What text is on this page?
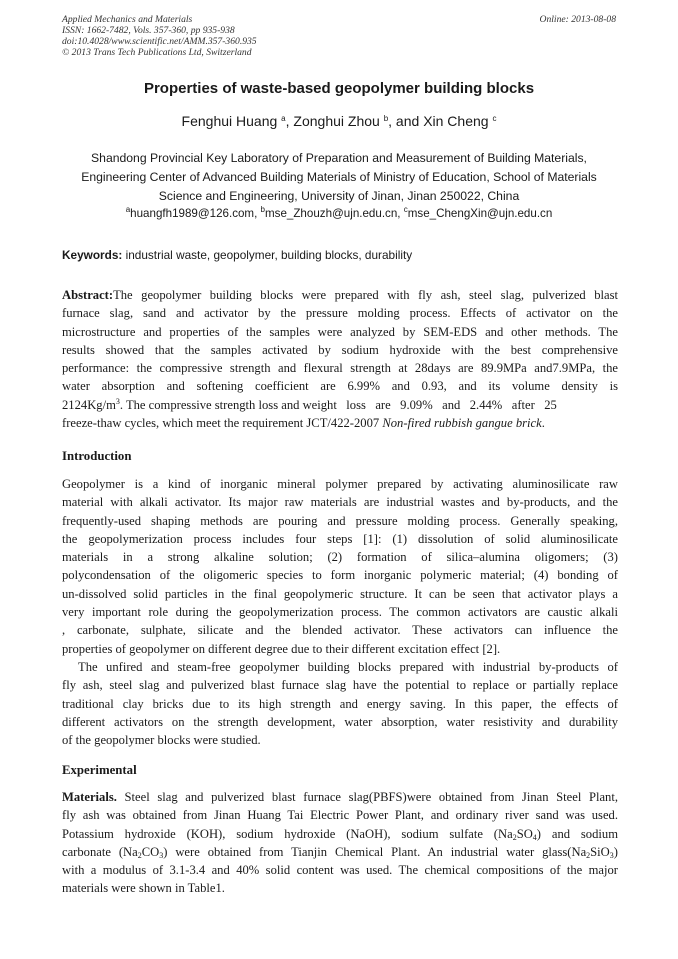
Applied Mechanics and Materials
ISSN: 1662-7482, Vols. 357-360, pp 935-938
doi:10.4028/www.scientific.net/AMM.357-360.935
© 2013 Trans Tech Publications Ltd, Switzerland
Online: 2013-08-08
Properties of waste-based geopolymer building blocks
Fenghui Huang $^a$, Zonghui Zhou $^b$, and Xin Cheng $^c$
Shandong Provincial Key Laboratory of Preparation and Measurement of Building Materials,
Engineering Center of Advanced Building Materials of Ministry of Education, School of Materials
Science and Engineering, University of Jinan, Jinan 250022, China
$^a$huangfh1989@126.com, $^b$mse_Zhouzh@ujn.edu.cn, $^c$mse_ChengXin@ujn.edu.cn
Keywords: industrial waste, geopolymer, building blocks, durability
Abstract:The geopolymer building blocks were prepared with fly ash, steel slag, pulverized blast
furnace slag, sand and activator by the pressure molding process. Effects of activator on the
microstructure and properties of the samples were analyzed by SEM-EDS and other methods. The
results showed that the samples activated by sodium hydroxide with the best comprehensive
performance: the compressive strength and flexural strength at 28days are 89.9MPa and7.9MPa, the
water absorption and softening coefficient are 6.99% and 0.93, and its volume density is
$2124Kg/m^3$. The compressive strength loss and weight   loss   are   9.09%   and   2.44%   after   25
freeze-thaw cycles, which meet the requirement JCT/422-2007 Non-fired rubbish gangue brick.
Introduction
Geopolymer is a kind of inorganic mineral polymer prepared by activating aluminosilicate raw
material with alkali activator. Its major raw materials are industrial wastes and by-products, and the
frequently-used shaping methods are pouring and pressure molding process. Generally speaking,
the geopolymerization process includes four steps [1]: (1) dissolution of solid aluminosilicate
materials in a strong alkaline solution; (2) formation of silica–alumina oligomers; (3)
polycondensation of the oligomeric species to form inorganic polymeric material; (4) bonding of
un-dissolved solid particles in the final geopolymeric structure. It can be seen that activator plays a
very important role during the geopolymerization process. The common activators are caustic alkali
, carbonate, sulphate, silicate and the blended activator. These activators can influence the
properties of geopolymer on different degree due to their different excitation effect [2].
The unfired and steam-free geopolymer building blocks prepared with industrial by-products of
fly ash, steel slag and pulverized blast furnace slag have the potential to replace or partially replace
traditional clay bricks due to its high strength and energy saving. In this paper, the effects of
different activators on the strength development, water absorption, water resistivity and durability
of the geopolymer blocks were studied.
Experimental
Materials. Steel slag and pulverized blast furnace slag(PBFS)were obtained from Jinan Steel Plant,
fly ash was obtained from Jinan Huang Tai Electric Power Plant, and ordinary river sand was used.
Potassium hydroxide (KOH), sodium hydroxide (NaOH), sodium sulfate $(Na_2SO_4)$ and sodium
carbonate $(Na_2CO_3)$ were obtained from Tianjin Chemical Plant. An industrial water $glass(Na_2SiO_3)$
with a modulus of 3.1-3.4 and 40% solid content was used. The chemical compositions of the major
materials were shown in Table1.
